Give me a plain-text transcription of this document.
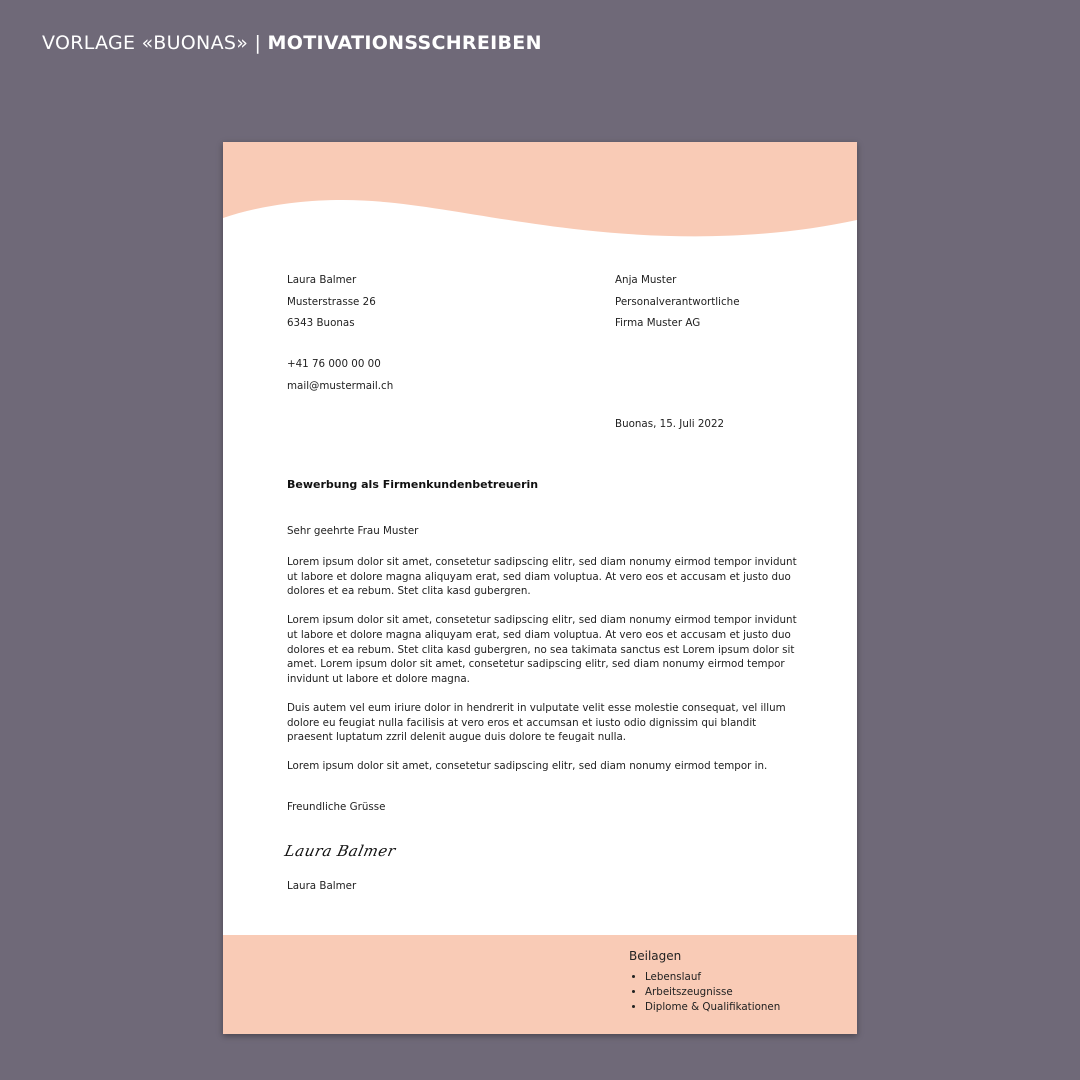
VORLAGE «BUONAS» | MOTIVATIONSSCHREIBEN
Laura Balmer
Musterstrasse 26
6343 Buonas
+41 76 000 00 00
mail@mustermail.ch
Anja Muster
Personalverantwortliche
Firma Muster AG
Buonas, 15. Juli 2022
Bewerbung als Firmenkundenbetreuerin
Sehr geehrte Frau Muster

Lorem ipsum dolor sit amet, consetetur sadipscing elitr, sed diam nonumy eirmod tempor invidunt ut labore et dolore magna aliquyam erat, sed diam voluptua. At vero eos et accusam et justo duo dolores et ea rebum. Stet clita kasd gubergren.

Lorem ipsum dolor sit amet, consetetur sadipscing elitr, sed diam nonumy eirmod tempor invidunt ut labore et dolore magna aliquyam erat, sed diam voluptua. At vero eos et accusam et justo duo dolores et ea rebum. Stet clita kasd gubergren, no sea takimata sanctus est Lorem ipsum dolor sit amet. Lorem ipsum dolor sit amet, consetetur sadipscing elitr, sed diam nonumy eirmod tempor invidunt ut labore et dolore magna.

Duis autem vel eum iriure dolor in hendrerit in vulputate velit esse molestie consequat, vel illum dolore eu feugiat nulla facilisis at vero eros et accumsan et iusto odio dignissim qui blandit praesent luptatum zzril delenit augue duis dolore te feugait nulla.

Lorem ipsum dolor sit amet, consetetur sadipscing elitr, sed diam nonumy eirmod tempor in.

Freundliche Grüsse
Laura Balmer
Laura Balmer
Beilagen
• Lebenslauf
• Arbeitszeugnisse
• Diplome & Qualifikationen
